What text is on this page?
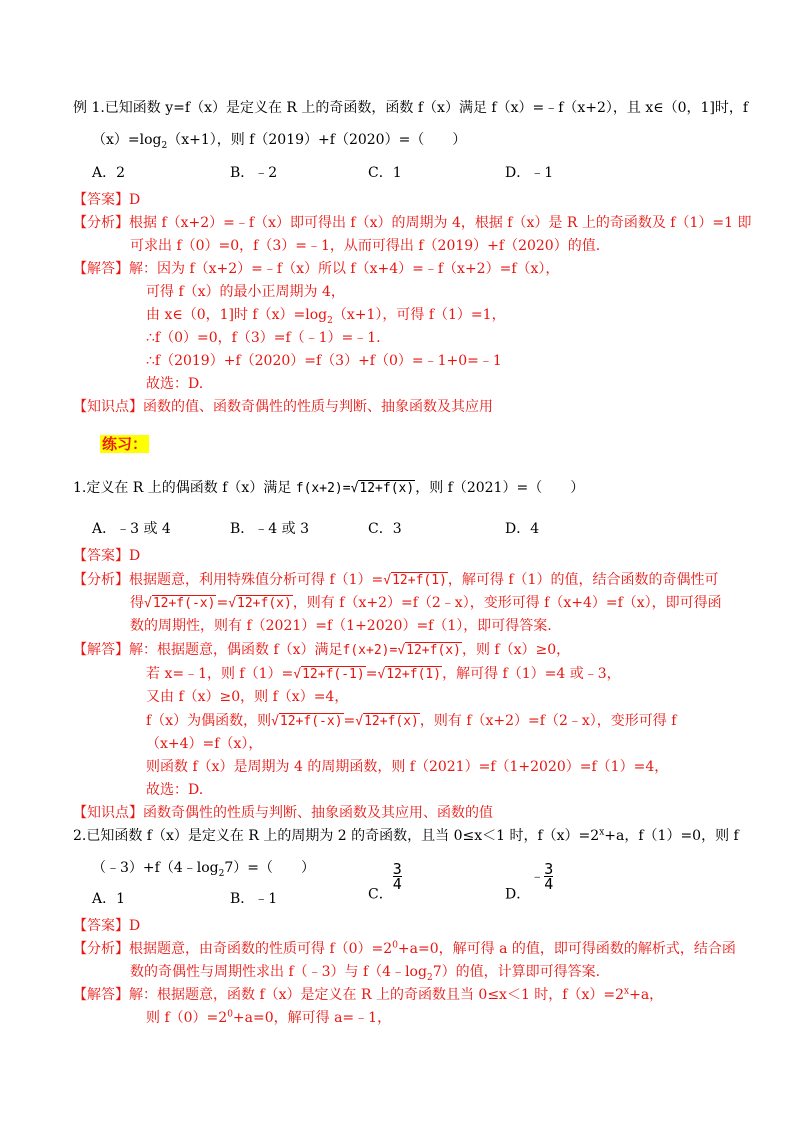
例 1.已知函数 y=f（x）是定义在 R 上的奇函数，函数 f（x）满足 f（x）=﹣f（x+2），且 x∈（0，1]时，f
$(x)=\log_2(x+1)$，则 f（2019）+f（2020）=（　　）
A．2	B．﹣2	C．1	D．﹣1
【答案】D
【分析】根据 f（x+2）=﹣f（x）即可得出 f（x）的周期为 4，根据 f（x）是 R 上的奇函数及 f（1）=1 即
可求出 f（0）=0，f（3）=﹣1，从而可得出 f（2019）+f（2020）的值.
【解答】解：因为 f（x+2）=﹣f（x）所以 f（x+4）=﹣f（x+2）=f（x），
可得 f（x）的最小正周期为 4，
由 x∈（0，1]时 $f(x)=\log_2(x+1)$，可得 f（1）=1，
∴f（0）=0，f（3）=f（﹣1）=﹣1.
∴f（2019）+f（2020）=f（3）+f（0）=﹣1+0=﹣1
故选：D.
【知识点】函数的值、函数奇偶性的性质与判断、抽象函数及其应用
练习：
1.定义在 R 上的偶函数 f（x）满足 f(x+2)=√12+f(x)，则 f（2021）=（　　）
A．﹣3 或 4	B．﹣4 或 3	C．3	D．4
【答案】D
【分析】根据题意，利用特殊值分析可得 f（1）=√12+f(1)，解可得 f（1）的值，结合函数的奇偶性可
得√12+f(-x)=√12+f(x)，则有 f（x+2）=f（2﹣x），变形可得 f（x+4）=f（x），即可得函
数的周期性，则有 f（2021）=f（1+2020）=f（1），即可得答案.
【解答】解：根据题意，偶函数 f（x）满足f(x+2)=√12+f(x)，则 f（x）≥0，
若 x=﹣1，则 f（1）=√12+f(-1)=√12+f(1)，解可得 f（1）=4 或﹣3，
又由 f（x）≥0，则 f（x）=4，
f（x）为偶函数，则√12+f(-x)=√12+f(x)，则有 f（x+2）=f（2﹣x），变形可得 f
（x+4）=f（x），
则函数 f（x）是周期为 4 的周期函数，则 f（2021）=f（1+2020）=f（1）=4，
故选：D.
【知识点】函数奇偶性的性质与判断、抽象函数及其应用、函数的值
2.已知函数 f（x）是定义在 R 上的周期为 2 的奇函数，且当 0≤x＜1 时，$f(x)=2^x+a$，f（1）=0，则 f
$(﹣3)+f(4﹣\log_27)=$（　　）
A．1	B．﹣1	C．
$\frac{3}{4}$
D．﹣ $\frac{3}{4}$
【答案】D
【分析】根据题意，由奇函数的性质可得 $f(0)=2^0+a=0$，解可得 a 的值，即可得函数的解析式，结合函
数的奇偶性与周期性求出 f（﹣3）与 $f(4﹣\log_27)$的值，计算即可得答案.
【解答】解：根据题意，函数 f（x）是定义在 R 上的奇函数且当 0≤x＜1 时，$f(x)=2^x+a$，
则 $f(0)=2^0+a=0$，解可得 a=﹣1，
